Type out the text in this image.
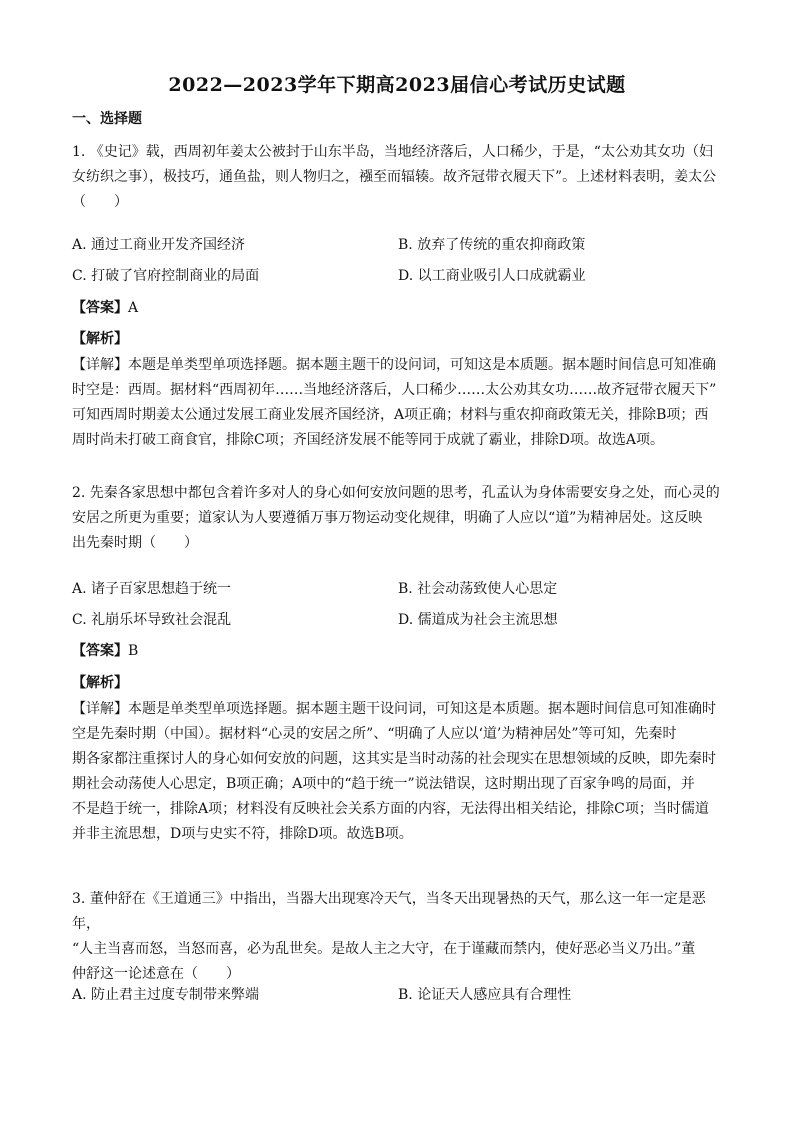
2022—2023学年下期高2023届信心考试历史试题
一、选择题

1. 《史记》载，西周初年姜太公被封于山东半岛，当地经济落后，人口稀少，于是，“太公劝其女功（妇

女纺织之事），极技巧，通鱼盐，则人物归之，襁至而辐辏。故齐冠带衣履天下”。上述材料表明，姜太公

（　　）

A. 通过工商业开发齐国经济	B. 放弃了传统的重农抑商政策
C. 打破了官府控制商业的局面	D. 以工商业吸引人口成就霸业
【答案】A
【解析】

【详解】本题是单类型单项选择题。据本题主题干的设问词，可知这是本质题。据本题时间信息可知准确

时空是：西周。据材料“西周初年……当地经济落后，人口稀少……太公劝其女功……故齐冠带衣履天下”

可知西周时期姜太公通过发展工商业发展齐国经济，A项正确；材料与重农抑商政策无关，排除B项；西

周时尚未打破工商食官，排除C项；齐国经济发展不能等同于成就了霸业，排除D项。故选A项。

2. 先秦各家思想中都包含着许多对人的身心如何安放问题的思考，孔孟认为身体需要安身之处，而心灵的

安居之所更为重要；道家认为人要遵循万事万物运动变化规律，明确了人应以“道”为精神居处。这反映

出先秦时期（　　）

A. 诸子百家思想趋于统一	B. 社会动荡致使人心思定
C. 礼崩乐坏导致社会混乱	D. 儒道成为社会主流思想
【答案】B
【解析】

【详解】本题是单类型单项选择题。据本题主题干设问词，可知这是本质题。据本题时间信息可知准确时

空是先秦时期（中国）。据材料“心灵的安居之所”、“明确了人应以‘道’为精神居处”等可知，先秦时

期各家都注重探讨人的身心如何安放的问题，这其实是当时动荡的社会现实在思想领域的反映，即先秦时

期社会动荡使人心思定，B项正确；A项中的“趋于统一”说法错误，这时期出现了百家争鸣的局面，并

不是趋于统一，排除A项；材料没有反映社会关系方面的内容，无法得出相关结论，排除C项；当时儒道

并非主流思想，D项与史实不符，排除D项。故选B项。

3. 董仲舒在《王道通三》中指出，当器大出现寒冷天气，当冬天出现暑热的天气，那么这一年一定是恶年，

“人主当喜而怒，当怒而喜，必为乱世矣。是故人主之大守，在于谨藏而禁内，使好恶必当义乃出。”董

仲舒这一论述意在（　　）

A. 防止君主过度专制带来弊端	B. 论证天人感应具有合理性
